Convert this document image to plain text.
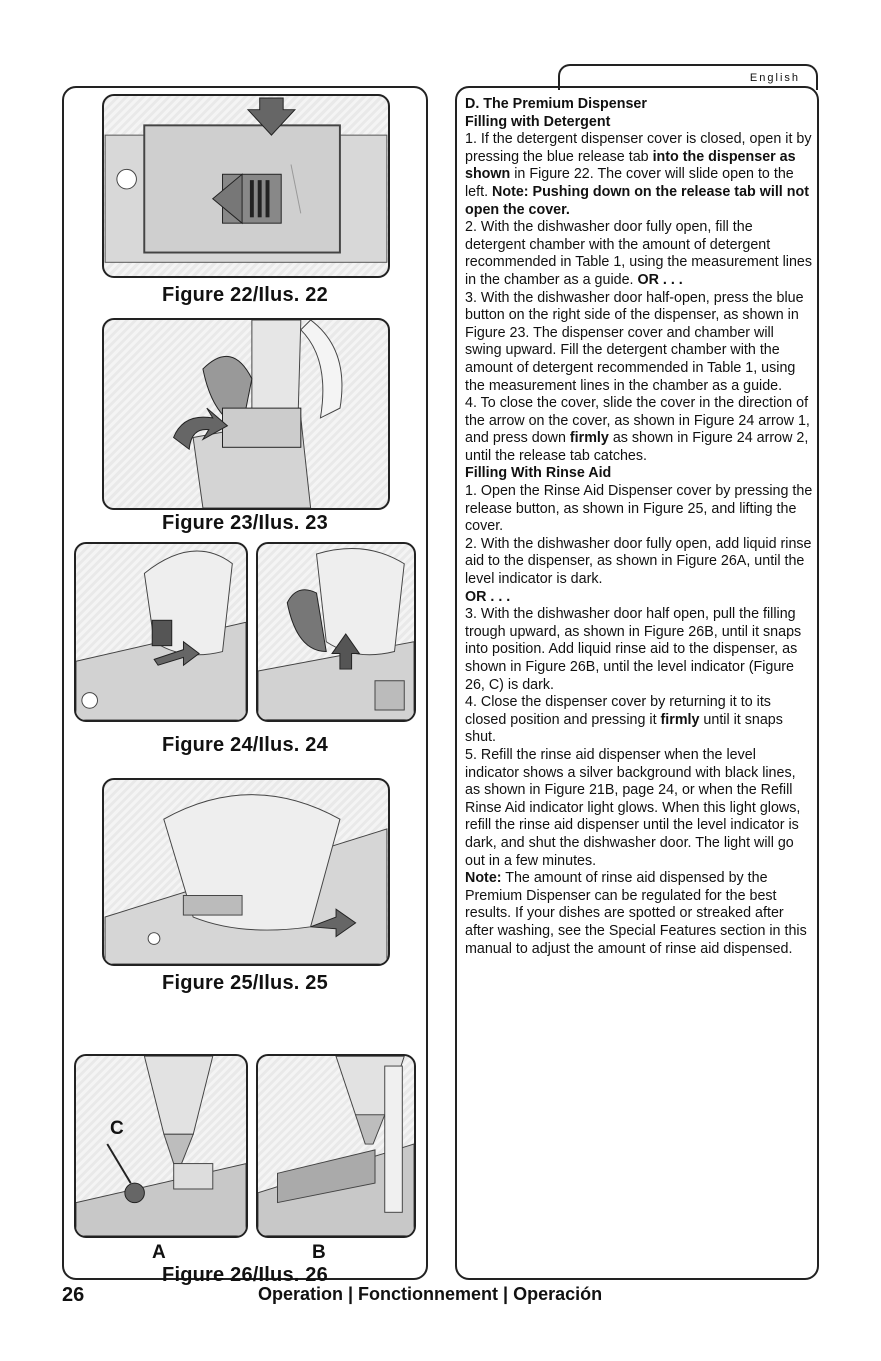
Figure 22/Ilus. 22
Figure 23/Ilus. 23
Figure 24/Ilus. 24
Figure 25/Ilus. 25
C
A	B
Figure 26/Ilus. 26
English

D. The Premium Dispenser

Filling with Detergent

1. If the detergent dispenser cover is closed, open it by pressing the blue release tab into the dispenser as shown in Figure 22. The cover will slide open to the left. Note: Pushing down on the release tab will not open the cover.

2. With the dishwasher door fully open, fill the detergent chamber with the amount of detergent recommended in Table 1, using the measurement lines in the chamber as a guide. OR . . .

3. With the dishwasher door half-open, press the blue button on the right side of the dispenser, as shown in Figure 23. The dispenser cover and chamber will swing upward. Fill the detergent chamber with the amount of detergent recommended in Table 1, using the measurement lines in the chamber as a guide.

4. To close the cover, slide the cover in the direction of the arrow on the cover, as shown in Figure 24 arrow 1, and press down firmly as shown in Figure 24 arrow 2, until the release tab catches.

Filling With Rinse Aid

1. Open the Rinse Aid Dispenser cover by pressing the release button, as shown in Figure 25, and lifting the cover.

2. With the dishwasher door fully open, add liquid rinse aid to the dispenser, as shown in Figure 26A, until the level indicator is dark.

OR . . .

3. With the dishwasher door half open, pull the filling trough upward, as shown in Figure 26B, until it snaps into position. Add liquid rinse aid to the dispenser, as shown in Figure 26B, until the level indicator (Figure 26, C) is dark.

4. Close the dispenser cover by returning it to its closed position and pressing it firmly until it snaps shut.

5. Refill the rinse aid dispenser when the level indicator shows a silver background with black lines, as shown in Figure 21B, page 24, or when the Refill Rinse Aid indicator light glows. When this light glows, refill the rinse aid dispenser until the level indicator is dark, and shut the dishwasher door. The light will go out in a few minutes.

Note: The amount of rinse aid dispensed by the Premium Dispenser can be regulated for the best results. If your dishes are spotted or streaked after after washing, see the Special Features section in this manual to adjust the amount of rinse aid dispensed.

26	Operation | Fonctionnement | Operación
